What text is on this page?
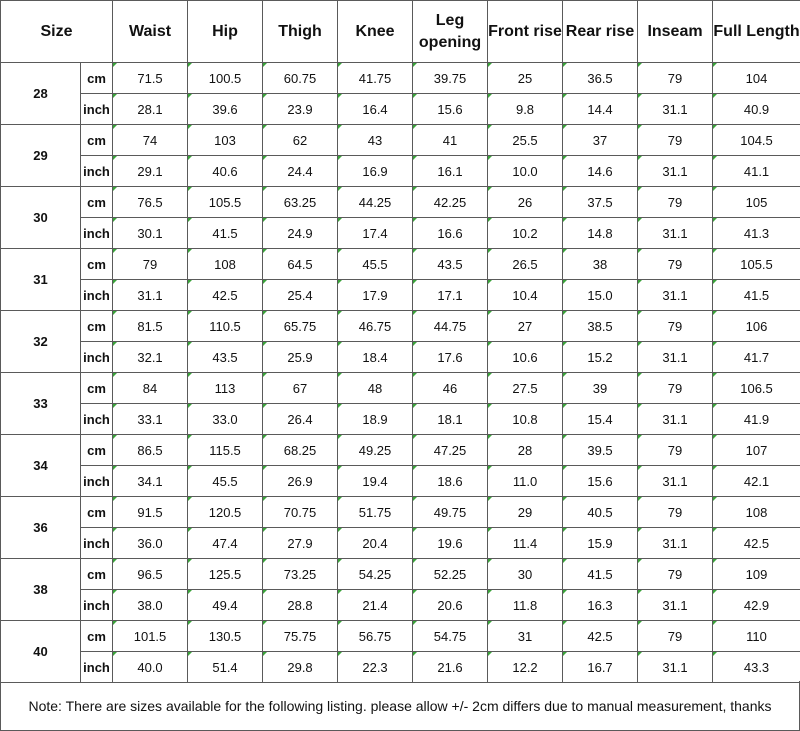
Size		Waist	Hip	Thigh	Knee	Leg opening	Front rise	Rear rise	Inseam	Full Length
28	cm	71.5	100.5	60.75	41.75	39.75	25	36.5	79	104
	inch	28.1	39.6	23.9	16.4	15.6	9.8	14.4	31.1	40.9
29	cm	74	103	62	43	41	25.5	37	79	104.5
	inch	29.1	40.6	24.4	16.9	16.1	10.0	14.6	31.1	41.1
30	cm	76.5	105.5	63.25	44.25	42.25	26	37.5	79	105
	inch	30.1	41.5	24.9	17.4	16.6	10.2	14.8	31.1	41.3
31	cm	79	108	64.5	45.5	43.5	26.5	38	79	105.5
	inch	31.1	42.5	25.4	17.9	17.1	10.4	15.0	31.1	41.5
32	cm	81.5	110.5	65.75	46.75	44.75	27	38.5	79	106
	inch	32.1	43.5	25.9	18.4	17.6	10.6	15.2	31.1	41.7
33	cm	84	113	67	48	46	27.5	39	79	106.5
	inch	33.1	33.0	26.4	18.9	18.1	10.8	15.4	31.1	41.9
34	cm	86.5	115.5	68.25	49.25	47.25	28	39.5	79	107
	inch	34.1	45.5	26.9	19.4	18.6	11.0	15.6	31.1	42.1
36	cm	91.5	120.5	70.75	51.75	49.75	29	40.5	79	108
	inch	36.0	47.4	27.9	20.4	19.6	11.4	15.9	31.1	42.5
38	cm	96.5	125.5	73.25	54.25	52.25	30	41.5	79	109
	inch	38.0	49.4	28.8	21.4	20.6	11.8	16.3	31.1	42.9
40	cm	101.5	130.5	75.75	56.75	54.75	31	42.5	79	110
	inch	40.0	51.4	29.8	22.3	21.6	12.2	16.7	31.1	43.3
Note: There are sizes available for the following listing. please allow +/- 2cm differs due to manual measurement, thanks
